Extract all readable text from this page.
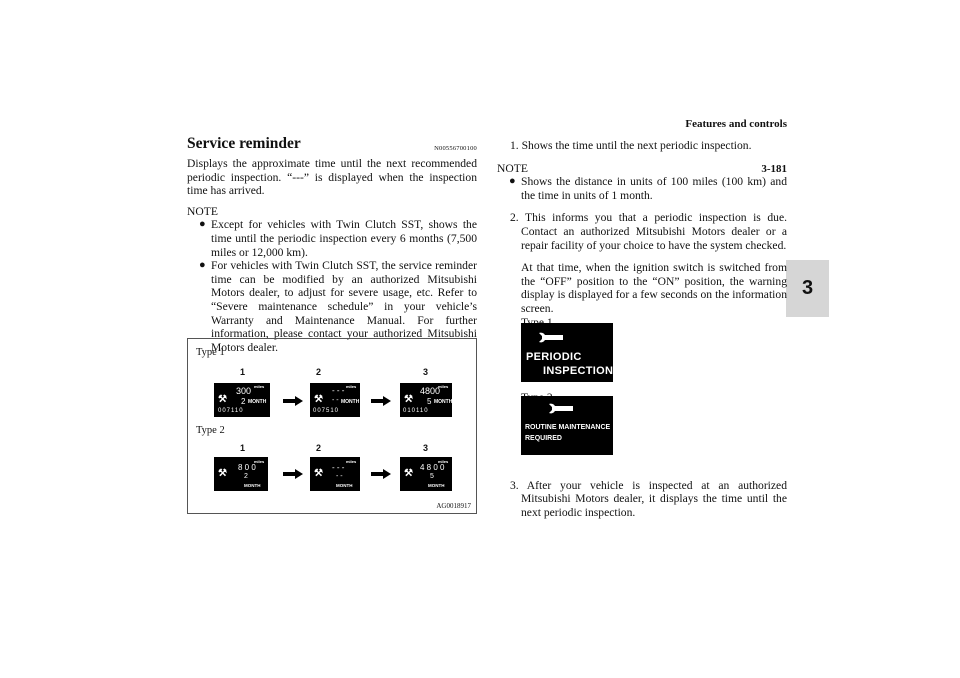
Features and controls
3-181
3
Service reminder	N00556700100

Displays the approximate time until the next recommended periodic inspection. “---” is displayed when the inspection time has arrived.

NOTE
● Except for vehicles with Twin Clutch SST, shows the time until the periodic inspection every 6 months (7,500 miles or 12,000 km).
● For vehicles with Twin Clutch SST, the service reminder time can be modified by an authorized Mitsubishi Motors dealer, to adjust for severe usage, etc. Refer to “Severe maintenance schedule” in your vehicle’s Warranty and Maintenance Manual. For further information, please contact your authorized Mitsubishi Motors dealer.
Type 1
1	2	3
⚒
300 miles
2 MONTH
007110
⚒
- - - miles
- - MONTH
007510
⚒
4800
miles
5 MONTH
010110
Type 2
1	2	3
⚒
miles
8 0 0
2
MONTH
⚒
miles
- - -
- -
MONTH
⚒
miles
4 8 0 0
5
MONTH
AG0018917

1. Shows the time until the next periodic inspection.

NOTE
● Shows the distance in units of 100 miles (100 km) and the time in units of 1 month.

2. This informs you that a periodic inspection is due. Contact an authorized Mitsubishi Motors dealer or a repair facility of your choice to have the system checked.

At that time, when the ignition switch is switched from the “OFF” position to the “ON” position, the warning display is displayed for a few seconds on the information screen.

3. After your vehicle is inspected at an authorized Mitsubishi Motors dealer, it displays the time until the next periodic inspection.

PERIODIC
INSPECTION
ROUTINE MAINTENANCE
REQUIRED
